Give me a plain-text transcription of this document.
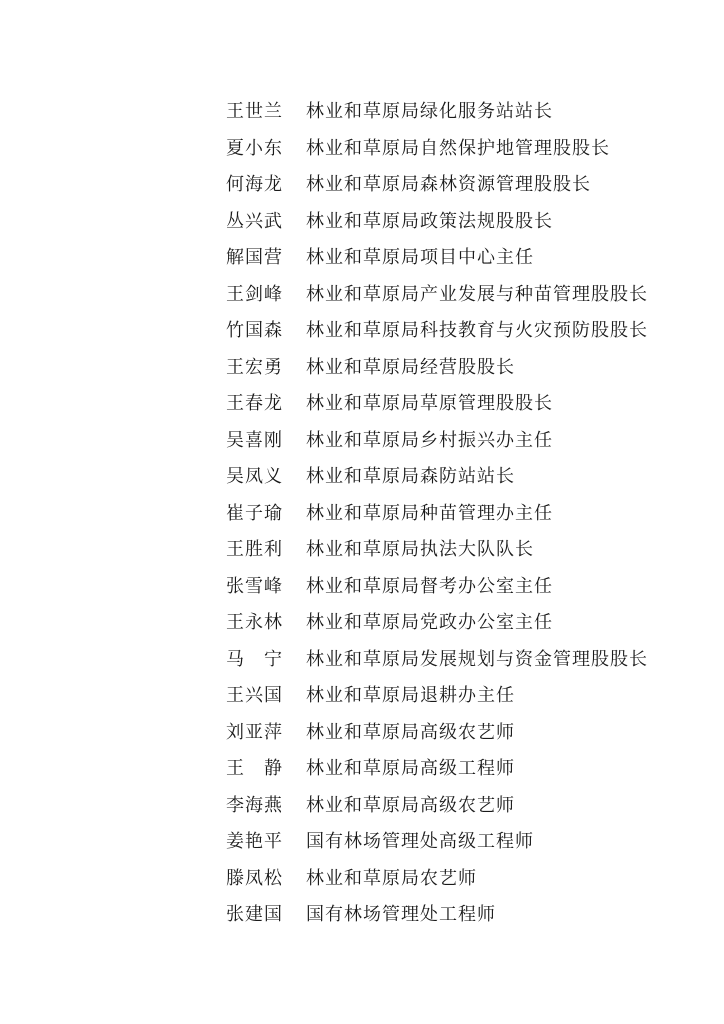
王世兰	林业和草原局绿化服务站站长
夏小东	林业和草原局自然保护地管理股股长
何海龙	林业和草原局森林资源管理股股长
丛兴武	林业和草原局政策法规股股长
解国营	林业和草原局项目中心主任
王剑峰	林业和草原局产业发展与种苗管理股股长
竹国森	林业和草原局科技教育与火灾预防股股长
王宏勇	林业和草原局经营股股长
王春龙	林业和草原局草原管理股股长
吴喜刚	林业和草原局乡村振兴办主任
吴凤义	林业和草原局森防站站长
崔子瑜	林业和草原局种苗管理办主任
王胜利	林业和草原局执法大队队长
张雪峰	林业和草原局督考办公室主任
王永林	林业和草原局党政办公室主任
马　宁	林业和草原局发展规划与资金管理股股长
王兴国	林业和草原局退耕办主任
刘亚萍	林业和草原局高级农艺师
王　静	林业和草原局高级工程师
李海燕	林业和草原局高级农艺师
姜艳平	国有林场管理处高级工程师
滕凤松	林业和草原局农艺师
张建国	国有林场管理处工程师
